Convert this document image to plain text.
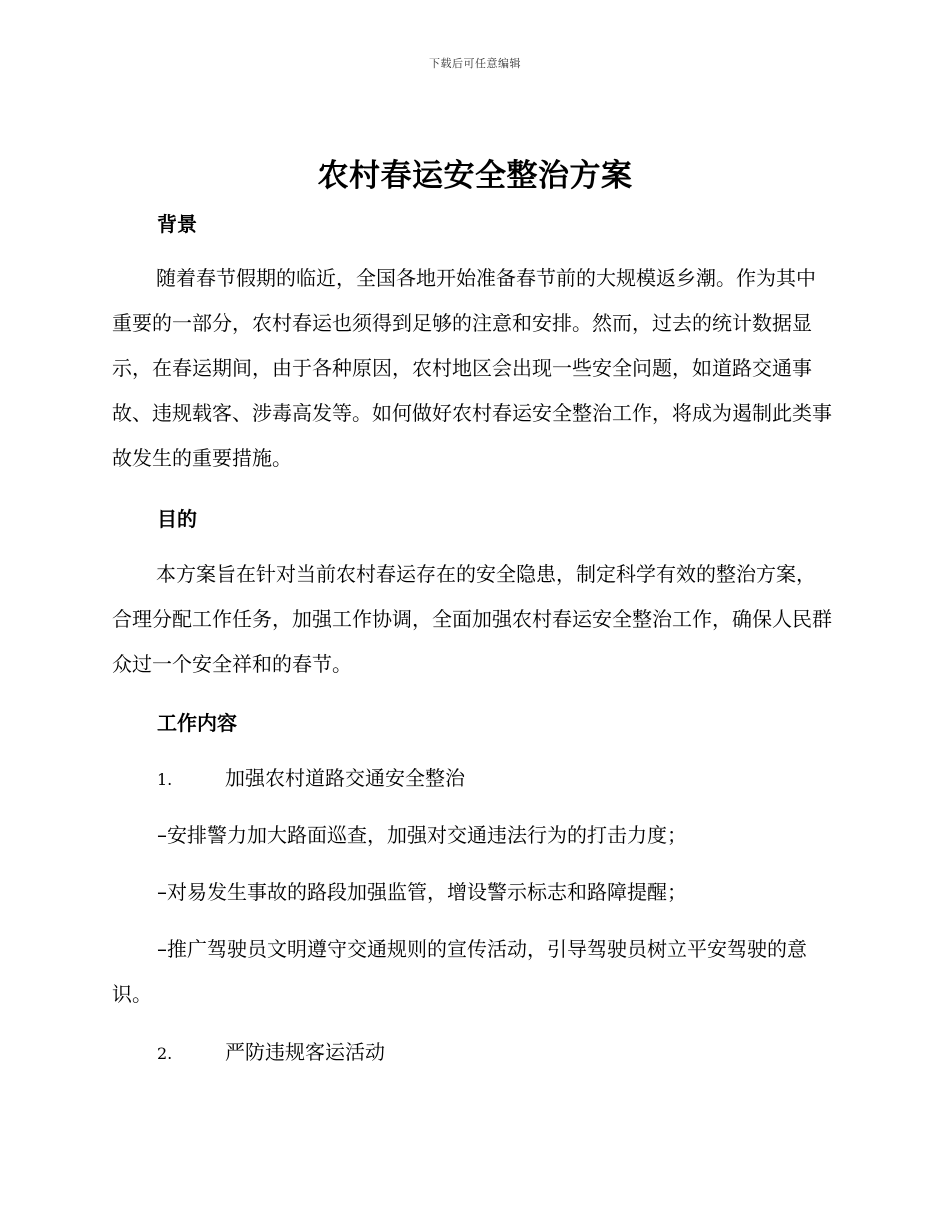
下载后可任意编辑
农村春运安全整治方案
背景

随着春节假期的临近，全国各地开始准备春节前的大规模返乡潮。作为其中重要的一部分，农村春运也须得到足够的注意和安排。然而，过去的统计数据显示，在春运期间，由于各种原因，农村地区会出现一些安全问题，如道路交通事故、违规载客、涉毒高发等。如何做好农村春运安全整治工作，将成为遏制此类事故发生的重要措施。

目的

本方案旨在针对当前农村春运存在的安全隐患，制定科学有效的整治方案，合理分配工作任务，加强工作协调，全面加强农村春运安全整治工作，确保人民群众过一个安全祥和的春节。

工作内容
1.	加强农村道路交通安全整治
–安排警力加大路面巡查，加强对交通违法行为的打击力度；
–对易发生事故的路段加强监管，增设警示标志和路障提醒；

–推广驾驶员文明遵守交通规则的宣传活动，引导驾驶员树立平安驾驶的意识。

2.	严防违规客运活动
